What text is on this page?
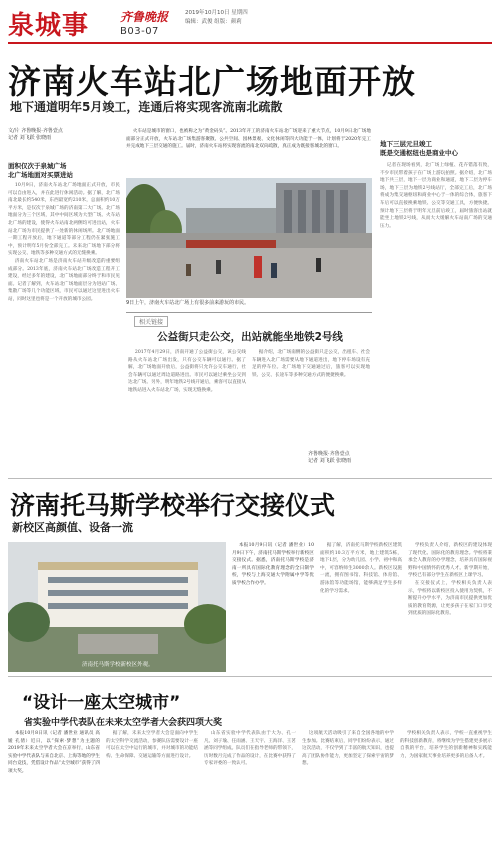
泉城事	齐鲁晚报	2019年10月10日 星期四
编辑：武俊 组版：颜莉
B03-07
济南火车站北广场地面开放
地下通道明年5月竣工，连通后将实现客流南北疏散
文/片 齐鲁晚报·齐鲁壹点
记者 刘飞跃 张晓雨
面积仅次于泉城广场
北广场地面对买票进站

10月9日，济南火车站北广场地面正式开放，市民可以自由进入，并在此进行休闲活动。据了解，北广场南北最长约540米，东西最宽约210米，总面积约10万平方米，是仅次于泉城广场的济南第二大广场。北广场地面分为三个区域，其中中间区域为大型广场。火车站北广场的建设，使得火车站南北两侧均可进出站，火车站北广场为市民提供了一处新的休闲场所。北广场地面一期工程开放后，地下通道等部分工程仍在紧张施工中，预计明年5月份全部完工。未来北广场地下部分将实现公交、地铁等多种交通方式的无缝换乘。

济南火车站北广场是济南火车站升级改造的重要组成部分。2013年底，济南火车站北广场改造工程开工建设，经过多年的建设，北广场地面部分终于和市民见面。记者了解到，火车站北广场地面层分为进站广场、集散广场等几个功能区域，市民可以通过这里进出火车站，同时这里也将是一个开放的城市公园。

火车站是城市的窗口，也被称之为“黄金码头”。2013年开工的济南火车站北广场迎来了重大节点，10月9日北广场地面部分正式开放，火车站北广场集游客聚散、公共空间、园林景观、文化休闲等四大功能于一体，计划将于2020年完工并完成地下三层交通的施工。届时，济南火车站将实现客流的南北双向疏散，真正成为既接客城北的窗口。

9日上午，济南火车站北广场上有很多前来游玩的市民。
相关链接
公益街只走公交，出站就能坐地铁2号线

2017年4月29日，济南开通了公益街公交，该公交线路从火车站北广场出发，只有公交车辆可以通行。据了解，北广场地面开放后，公益街将只允许公交车通行，社会车辆可以通过周边道路进出。市民可以通过乘坐公交到达北广场。另外，明年地铁2号线开通后，乘客可以直接从地铁站进入火车站北广场，实现无缝换乘。

据介绍，北广场南侧的公益街只走公交，出租车、社会车辆进入北广场需要从地下通道进出，地下停车场设有充足的停车位。北广场地下交通通过后，旅客可以实现地铁、公交、长途车等多种交通方式的便捷换乘。

齐鲁晚报·齐鲁壹点
记者 刘飞跃 张晓雨
地下三层元旦竣工
既是交通枢纽也是商业中心

记者在现场看到，北广场上绿植、花卉错落有致，不少市民带着孩子在广场上游玩拍照。据介绍，北广场地下共三层，地下一层为商业和通道，地下二层为停车场，地下三层为地铁2号线站厅，全部完工后，北广场将成为集交通枢纽和商业中心于一体的综合体，旅客下车后可以直接换乘地铁、公交等交通工具，方便快捷。预计地下三层将于明年元旦前后竣工，届时旅客出站就能坐上地铁2号线，从而大大缓解火车站南广场的交通压力。

济南托马斯学校举行交接仪式
新校区高颜值、设备一流
济南托马斯学校新校区外观。

本报10月9日讯（记者 潘世业）10月9日下午，济南托马斯学校举行新校区交接仪式。据悉，济南托马斯学校是济南一所具有国际化教育理念的全日制学校，学校与上海交通大学附属中学等优质学校合作办学。

据了解，济南托马斯学校新校区建筑面积约10.3万平方米，地上建筑5栋，地下1层，分为幼儿园、小学、初中和高中，可容纳师生3000余人。新校区设施一流，拥有图书馆、科技馆、体育馆、游泳馆等功能场馆，能够满足学生多样化的学习需求。

学校负责人介绍，新校区的建设体现了现代化、国际化的教育理念。学校将秉承全人教育的办学理念，培养具有国际视野和中国情怀的优秀人才。新学期开始，学校已有部分学生在新校区上课学习。

在交接仪式上，学校相关负责人表示，学校将以新校区投入使用为契机，不断提升办学水平，为济南市民提供更加优质的教育资源，让更多孩子在家门口享受到优质的国际化教育。

“设计一座太空城市”
省实验中学代表队在未来太空学者大会获四项大奖

本报10月8日讯（记者 潘世业 通讯员 高媛 孔倩）近日，以“探索·梦想”为主题的2019年未来太空学者大会在京举行，山东省实验中学代表队与来自北京、上海等地的学生同台竞技，凭借设计作品“太空城市”获得了四项大奖。

据了解，未来太空学者大会是面向中学生的太空科学交流活动，参赛队伍需要设计一座可以在太空中运行的城市，并对城市的功能结构、生命保障、交通运输等方面进行设计。

山东省实验中学代表队由于大为、孔一凡、刘子瑜、任雨涵、王天宇、王海洋、王茗涵等同学组成。队员们在指导老师的带领下，历时数月完成了作品的设计，在比赛中获得了专家评委的一致认可。

这项航天活动吸引了来自全国各地的中学生参加。比赛结束后，同学们纷纷表示，通过这次活动，不仅学到了丰富的航天知识，也提高了团队协作能力，更加坚定了探索宇宙的梦想。

学校相关负责人表示，学校一直重视学生的科技创新教育，将继续为学生搭建更多展示自我的平台，培养学生的创新精神和实践能力，为国家航天事业培养更多的后备人才。
